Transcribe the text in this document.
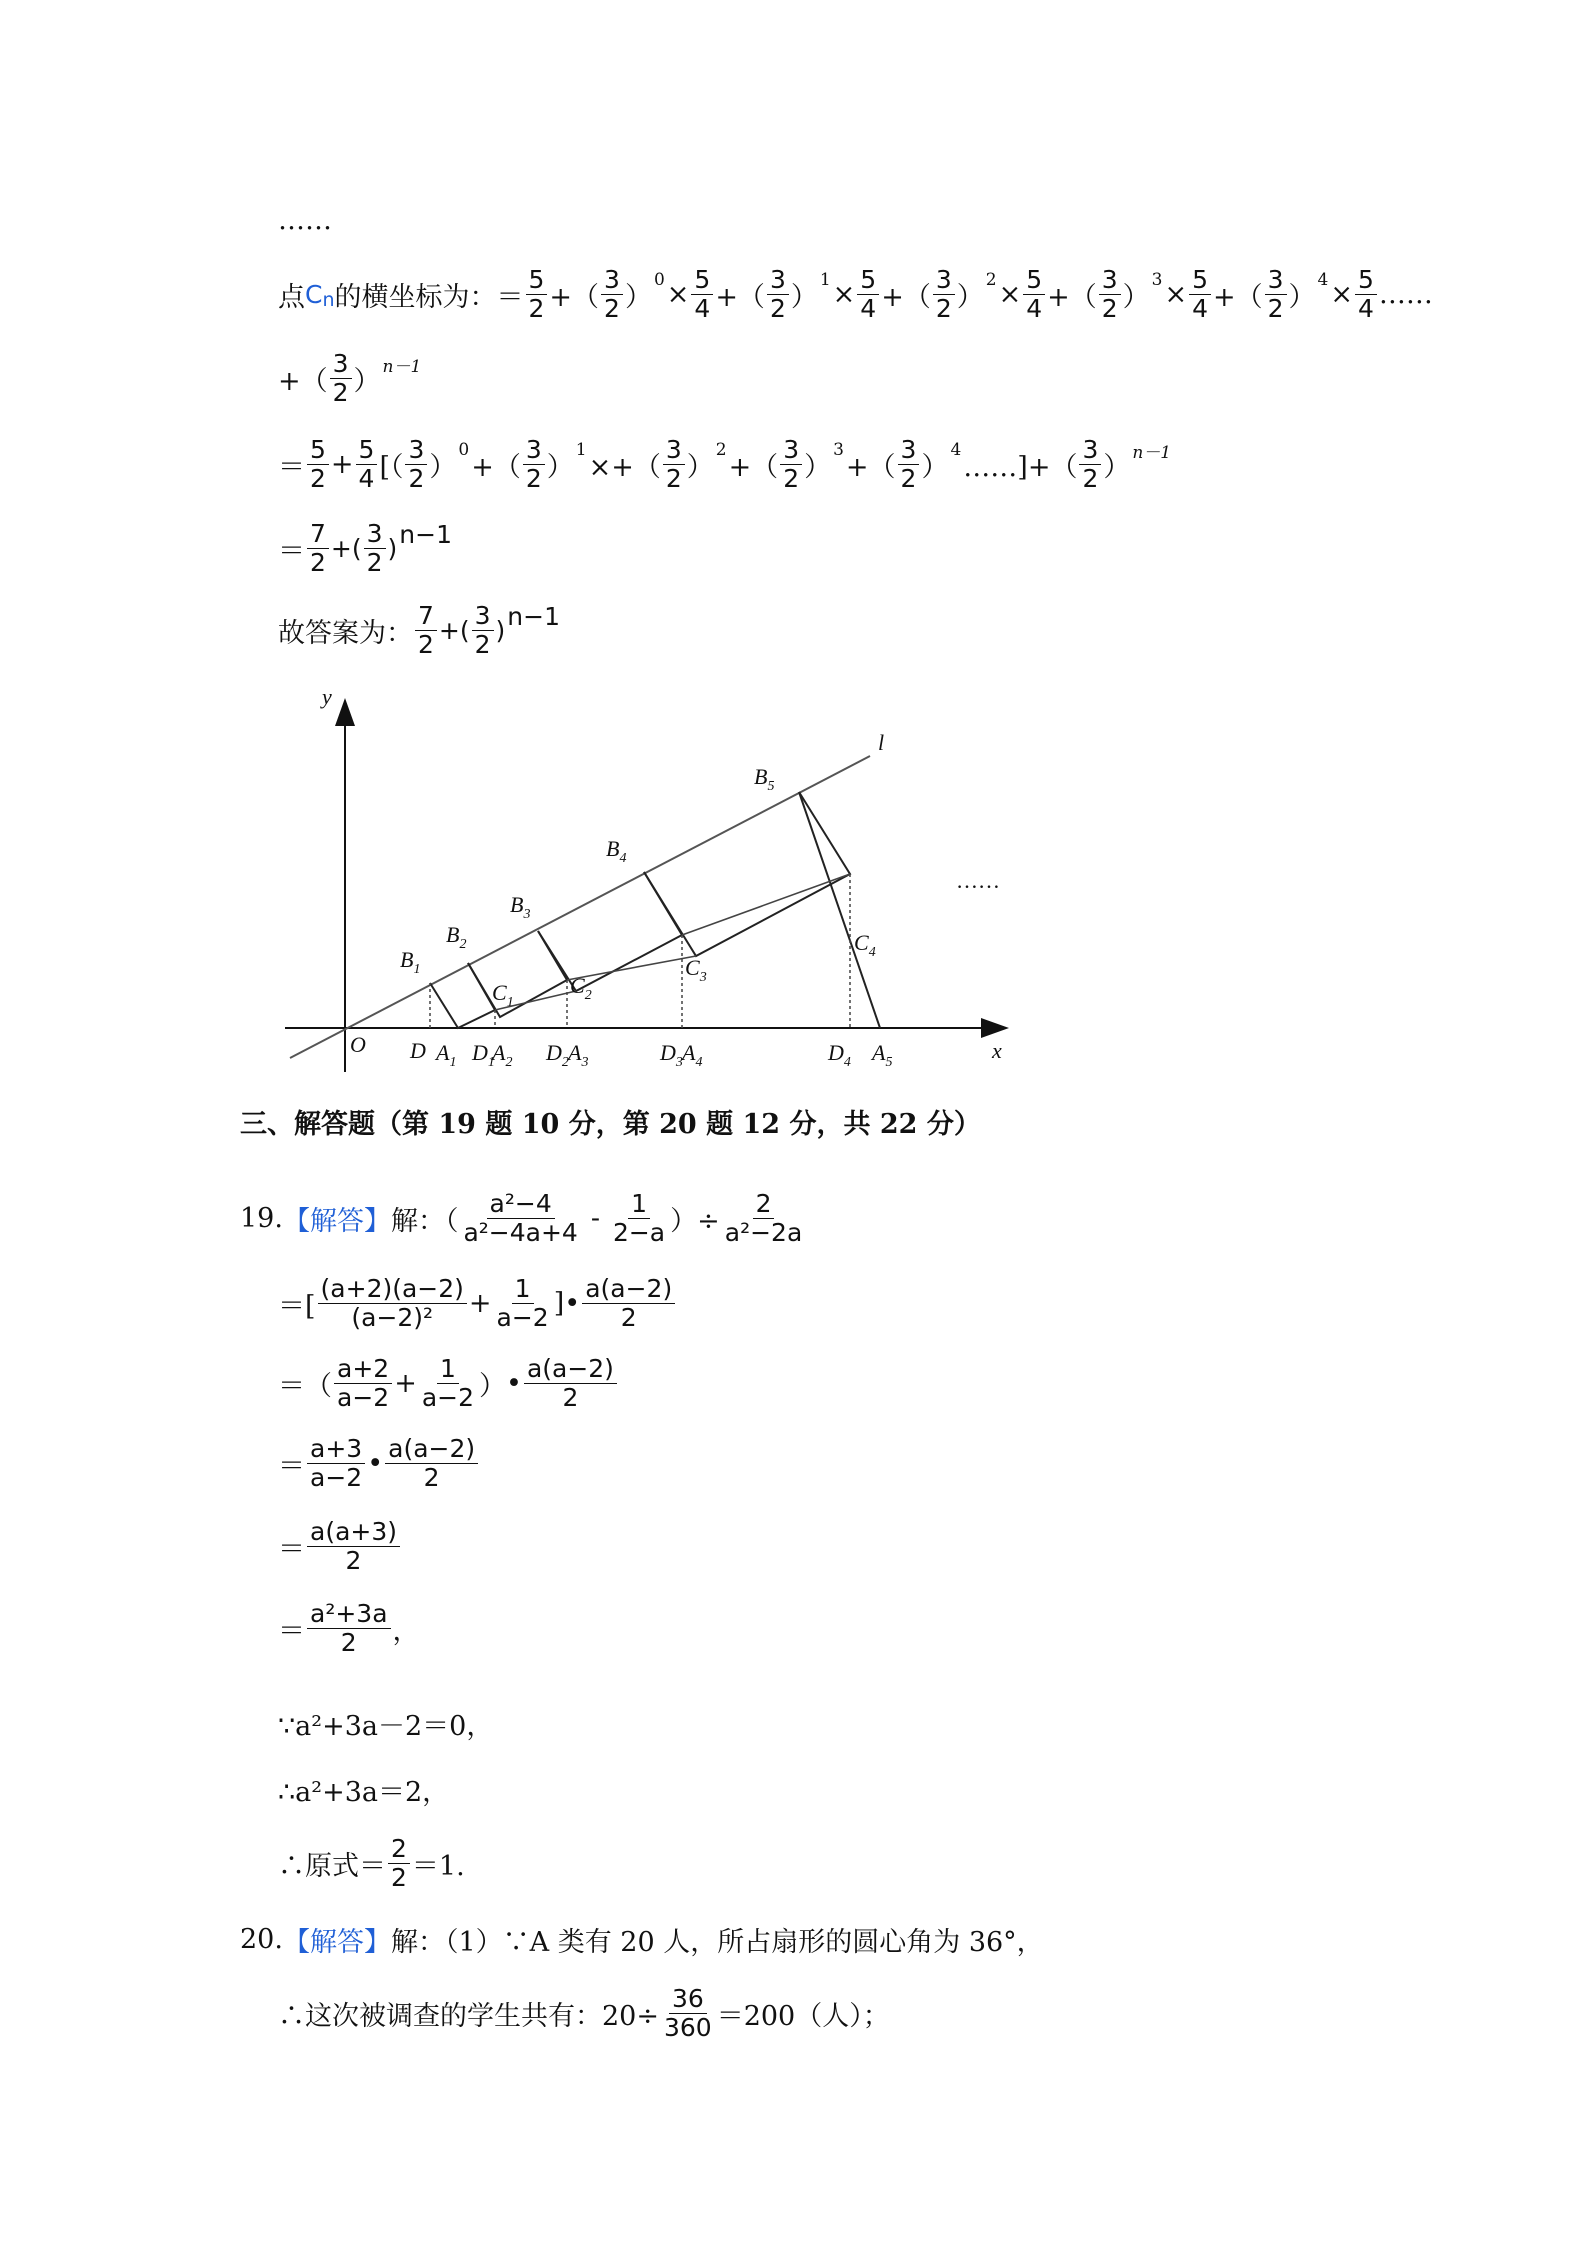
……
点 C n 的横坐标为：＝
5
2 +（
3
2 ）
$0 \times \frac{5}{4}$ +（
3
2 ）
$1 \times \frac{5}{4}$ +（
3
2 ）
$2 \times \frac{5}{4}$ +（
3
2 ）
$3 \times \frac{5}{4}$ +（
3
2 ）
$4 \times \frac{5}{4}$ ……
+（
3
2 ） n－1
＝
5
$2 + \frac{5}{4}$ [（
3
2 ）
0
+（
3
2 ）
1
×+（
3
2 ）
2
+（
3
2 ）
3
+（
3
2 ）
4
……]+（
3
2 ） n－1
＝
7
2 +( 3
2 ) n−1
故答案为：
7
2 +( 3
2 ) n−1
y
x
O
l
$B_1$
$B_2$
$B_3$
$B_4$
$B_5$
$C_1$
$C_2$
$C_3$
$C_4$
D $A_1$ $D_1$
$A_2$ $D_2$ $A_3$	$D_3$ $A_4$	$D_4$ $A_5$
……
三、解答题（第 19 题 10 分，第 20 题 12 分，共 22 分）
19. 【解答】 解：（
a²−4
a²−4a+4 - 1
2−a ）÷ $\frac{2}{\text{a²−2a}}$
＝[
(a+2)(a−2)
$(a-2)^2 + \frac{1}{a-2}$ ] • a(a−2)
2
＝（
a+2
$a-2 + \frac{1}{a-2}$ ） • a(a−2)
2
＝
a+3
a−2 • a(a−2)
2
＝
a(a+3)
2
＝
a²+3a
2 ，
∵a²+3a－2＝0，
∴a²+3a＝2，
∴原式＝
2
2 ＝1.
20. 【解答】 解：（1）∵A 类有 20 人，所占扇形的圆心角为 36°，
∴这次被调查的学生共有：$20\div \frac{36}{360} =200$（人）；
